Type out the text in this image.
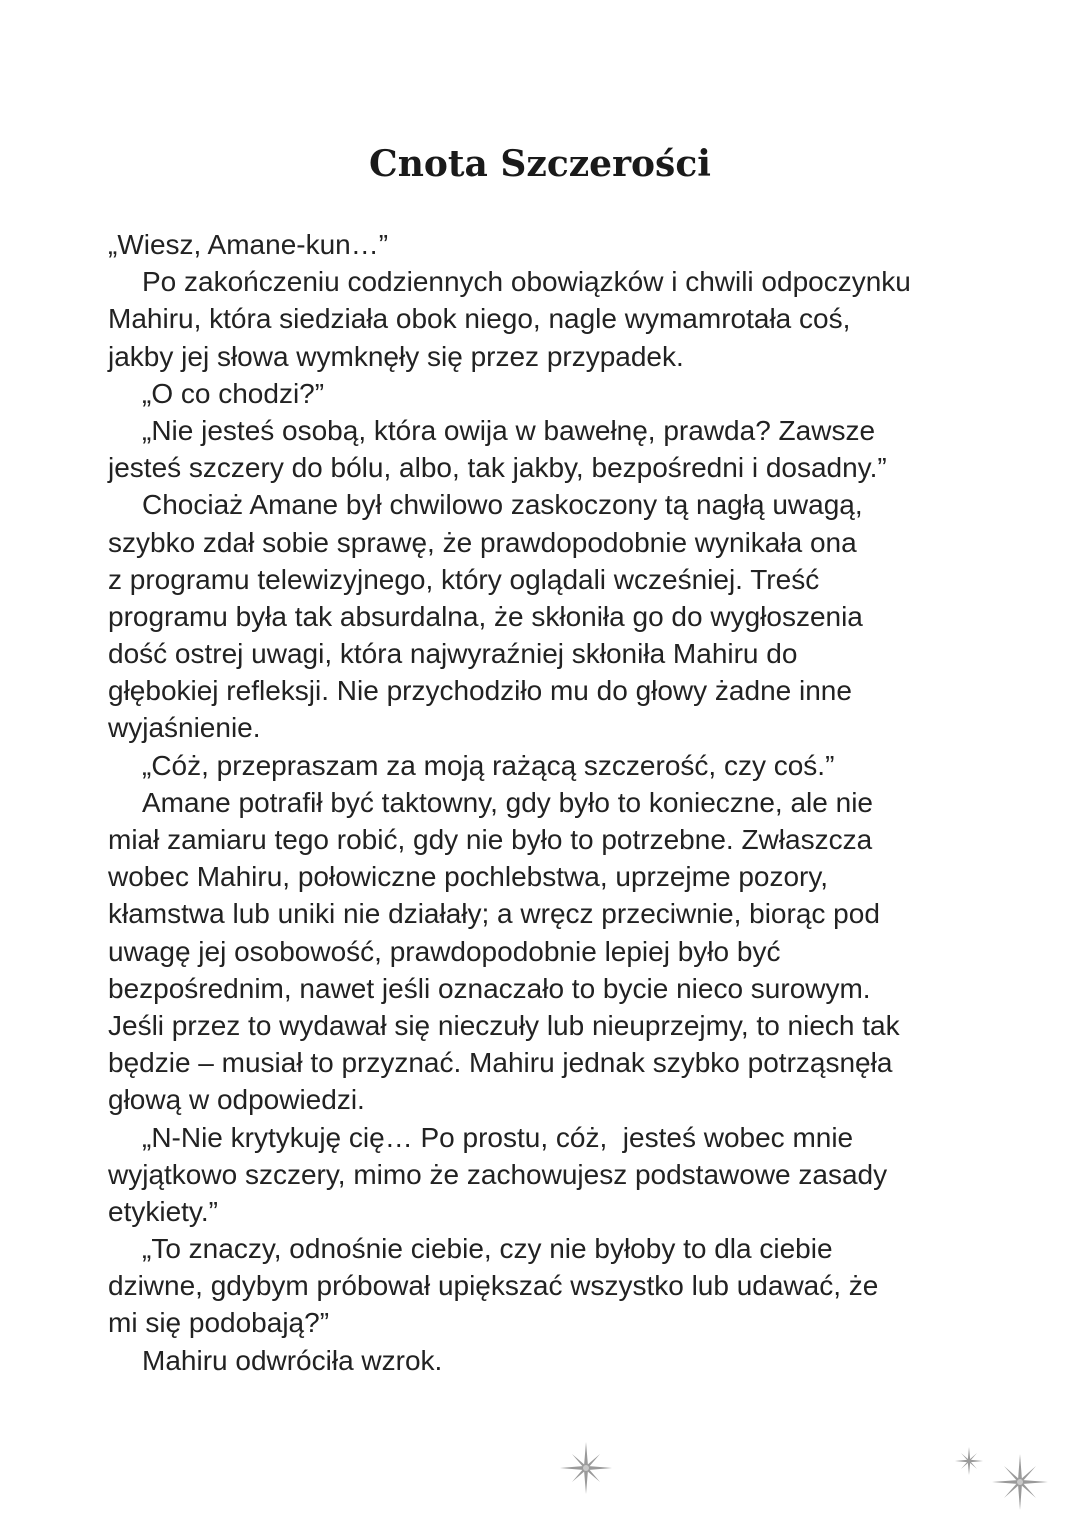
Cnota Szczerości
„Wiesz, Amane-kun…”
Po zakończeniu codziennych obowiązków i chwili odpoczynku
Mahiru, która siedziała obok niego, nagle wymamrotała coś,
jakby jej słowa wymknęły się przez przypadek.
„O co chodzi?”
„Nie jesteś osobą, która owija w bawełnę, prawda? Zawsze
jesteś szczery do bólu, albo, tak jakby, bezpośredni i dosadny.”
Chociaż Amane był chwilowo zaskoczony tą nagłą uwagą,
szybko zdał sobie sprawę, że prawdopodobnie wynikała ona
z programu telewizyjnego, który oglądali wcześniej. Treść
programu była tak absurdalna, że skłoniła go do wygłoszenia
dość ostrej uwagi, która najwyraźniej skłoniła Mahiru do
głębokiej refleksji. Nie przychodziło mu do głowy żadne inne
wyjaśnienie.
„Cóż, przepraszam za moją rażącą szczerość, czy coś.”
Amane potrafił być taktowny, gdy było to konieczne, ale nie
miał zamiaru tego robić, gdy nie było to potrzebne. Zwłaszcza
wobec Mahiru, połowiczne pochlebstwa, uprzejme pozory,
kłamstwa lub uniki nie działały; a wręcz przeciwnie, biorąc pod
uwagę jej osobowość, prawdopodobnie lepiej było być
bezpośrednim, nawet jeśli oznaczało to bycie nieco surowym.
Jeśli przez to wydawał się nieczuły lub nieuprzejmy, to niech tak
będzie – musiał to przyznać. Mahiru jednak szybko potrząsnęła
głową w odpowiedzi.
„N-Nie krytykuję cię… Po prostu, cóż,  jesteś wobec mnie
wyjątkowo szczery, mimo że zachowujesz podstawowe zasady
etykiety.”
„To znaczy, odnośnie ciebie, czy nie byłoby to dla ciebie
dziwne, gdybym próbował upiększać wszystko lub udawać, że
mi się podobają?”
Mahiru odwróciła wzrok.
